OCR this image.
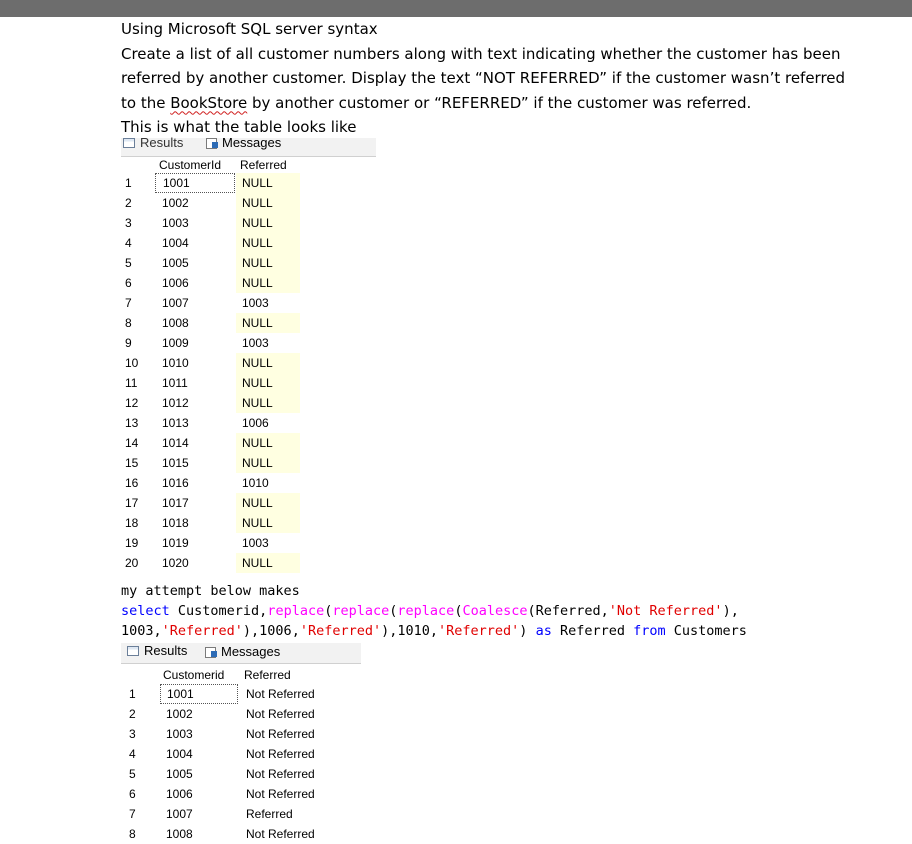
Using Microsoft SQL server syntax

Create a list of all customer numbers along with text indicating whether the customer has been

referred by another customer. Display the text “NOT REFERRED” if the customer wasn’t referred

to the BookStore by another customer or “REFERRED” if the customer was referred.

This is what the table looks like

Results	Messages
CustomerId Referred
1	1001	NULL
2	1002	NULL
3	1003	NULL
4	1004	NULL
5	1005	NULL
6	1006	NULL
7	1007	1003
8	1008	NULL
9	1009	1003
10	1010	NULL
11	1011	NULL
12	1012	NULL
13	1013	1006
14	1014	NULL
15	1015	NULL
16	1016	1010
17	1017	NULL
18	1018	NULL
19	1019	1003
20	1020	NULL
my attempt below makes
select Customerid,replace(replace(replace(Coalesce(Referred,'Not Referred'),
1003,'Referred'),1006,'Referred'),1010,'Referred') as Referred from Customers
Results	Messages
Customerid Referred
1	1001	Not Referred
2	1002	Not Referred
3	1003	Not Referred
4	1004	Not Referred
5	1005	Not Referred
6	1006	Not Referred
7	1007	Referred
8	1008	Not Referred
